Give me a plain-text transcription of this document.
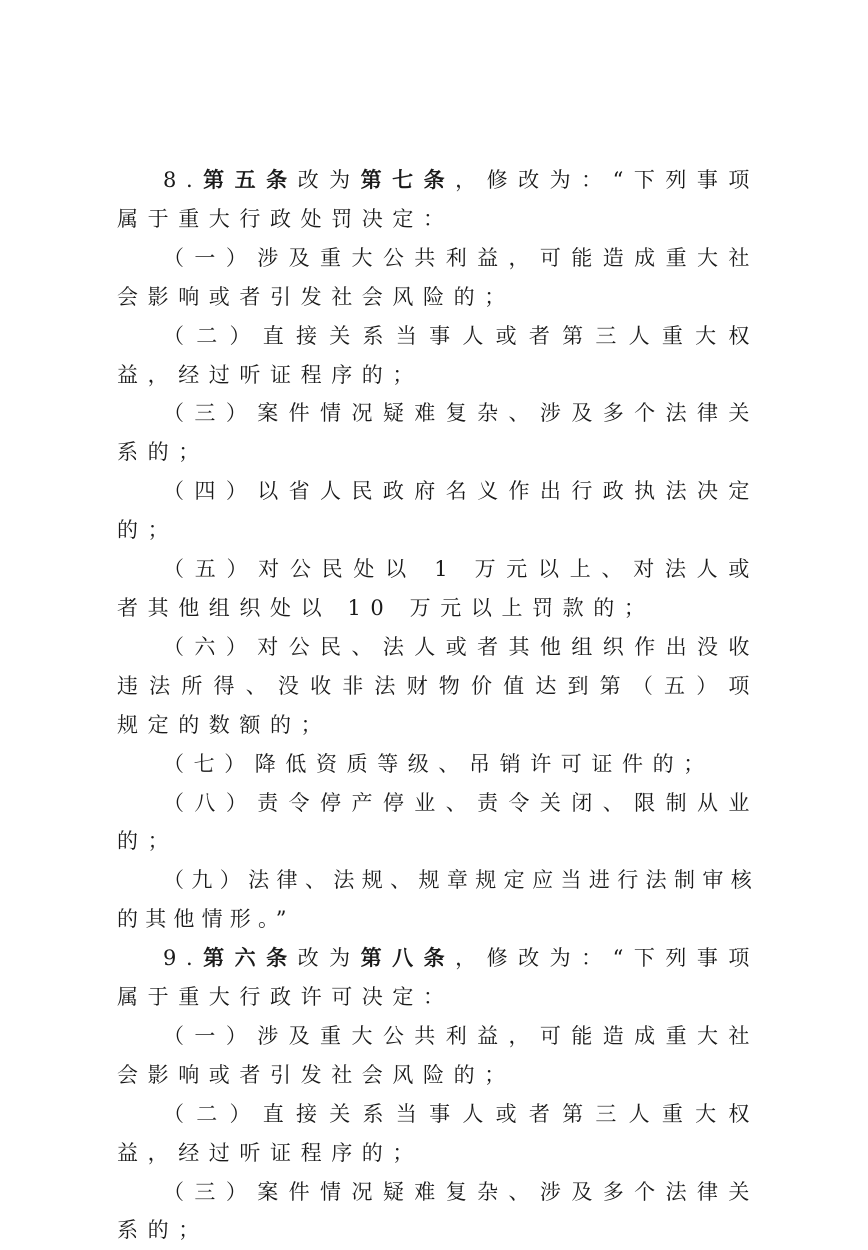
8.第五条改为第七条，修改为：“下列事项属于重大行政处罚决定：

（一）涉及重大公共利益，可能造成重大社会影响或者引发社会风险的；

（二）直接关系当事人或者第三人重大权益，经过听证程序的；

（三）案件情况疑难复杂、涉及多个法律关系的；

（四）以省人民政府名义作出行政执法决定的；

（五）对公民处以 1 万元以上、对法人或者其他组织处以 10 万元以上罚款的；

（六）对公民、法人或者其他组织作出没收违法所得、没收非法财物价值达到第（五）项规定的数额的；

（七）降低资质等级、吊销许可证件的；

（八）责令停产停业、责令关闭、限制从业的；

（九）法律、法规、规章规定应当进行法制审核的其他情形。”

9.第六条改为第八条，修改为：“下列事项属于重大行政许可决定：

（一）涉及重大公共利益，可能造成重大社会影响或者引发社会风险的；

（二）直接关系当事人或者第三人重大权益，经过听证程序的；

（三）案件情况疑难复杂、涉及多个法律关系的；
